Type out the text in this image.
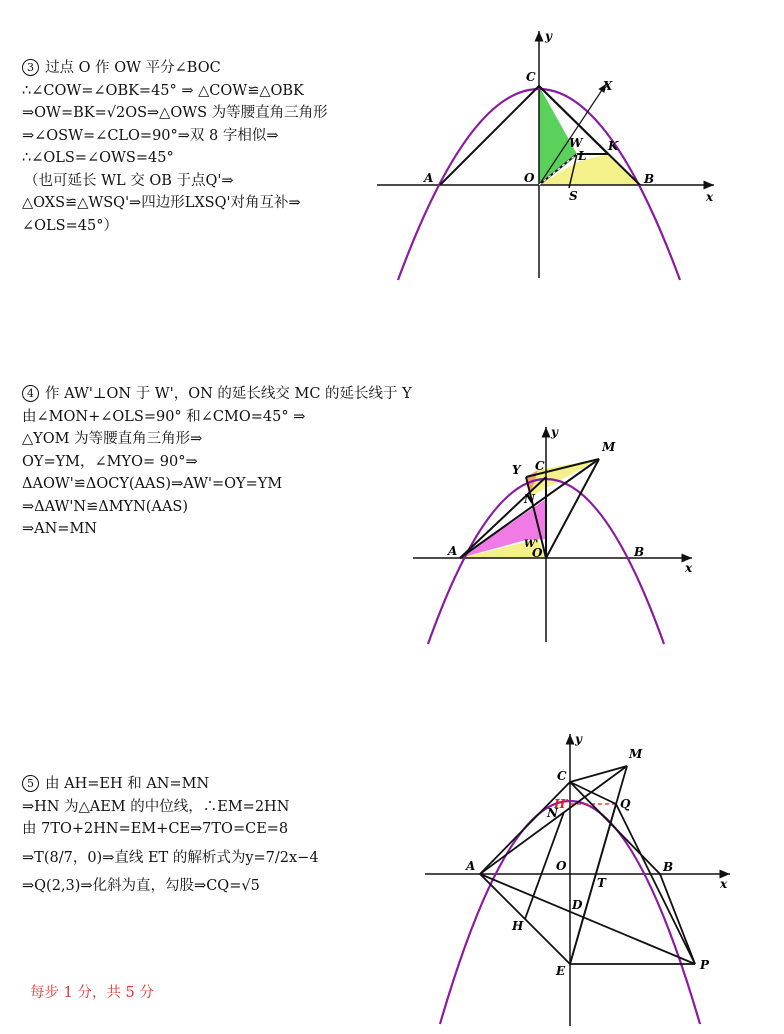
3 过点 O 作 OW 平分∠BOC
∴∠COW=∠OBK=45° ⇒ △COW≌△OBK
⇒OW=BK=√2OS⇒△OWS 为等腰直角三角形
⇒∠OSW=∠CLO=90°⇒双 8 字相似⇒
∴∠OLS=∠OWS=45°
（也可延长 WL 交 OB 于点Q'⇒
△OXS≌△WSQ'⇒四边形LXSQ'对角互补⇒
∠OLS=45°）
y
C
X
W K
L
A	O	B
S	x
4 作 AW'⊥ON 于 W'，ON 的延长线交 MC 的延长线于 Y
由∠MON+∠OLS=90° 和∠CMO=45° ⇒
△YOM 为等腰直角三角形⇒
OY=YM，∠MYO= 90°⇒
ΔAOW'≌ΔOCY(AAS)⇒AW'=OY=YM
⇒ΔAW'N≌ΔMYN(AAS)
⇒AN=MN
y
M
Y C
N
A	W'
O	B
x
5 由 AH=EH 和 AN=MN
⇒HN 为△AEM 的中位线，∴EM=2HN
由 7TO+2HN=EM+CE⇒7TO=CE=8
⇒T(8/7，0)⇒直线 ET 的解析式为y=7/2x−4
⇒Q(2,3)⇒化斜为直，勾股⇒CQ=√5
y
M
C
H'	Q
N
A	O	B
T
D
H
E	P
x
每步 1 分，共 5 分
